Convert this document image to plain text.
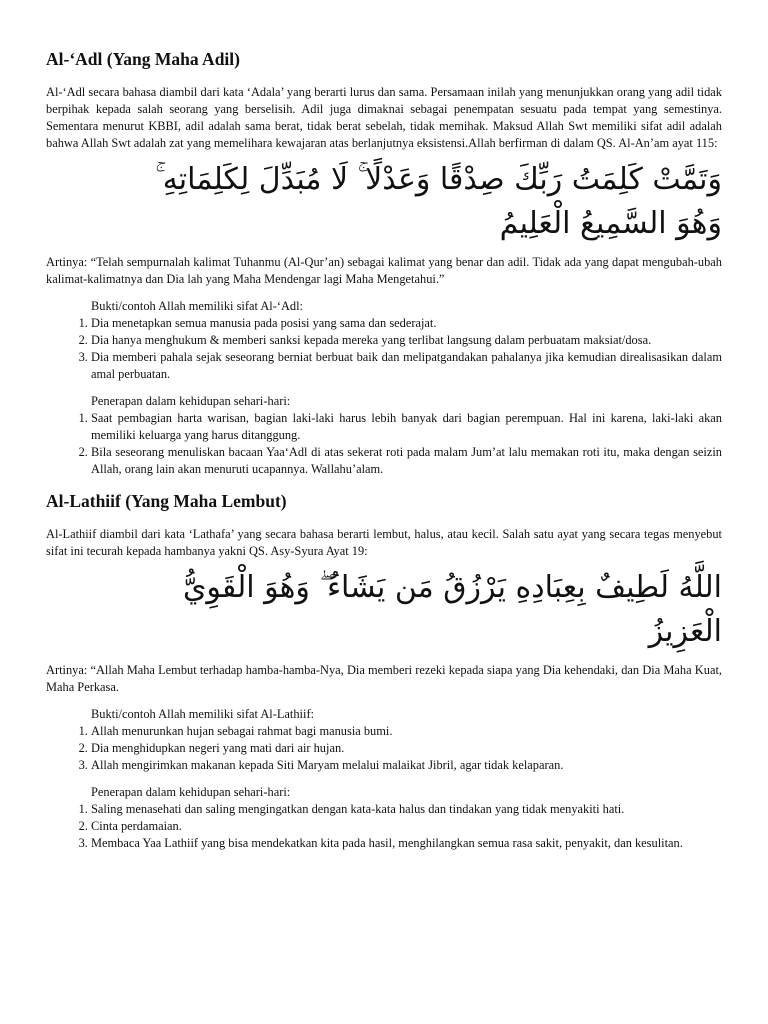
Al-‘Adl (Yang Maha Adil)

Al-‘Adl secara bahasa diambil dari kata ‘Adala’ yang berarti lurus dan sama. Persamaan inilah yang menunjukkan orang yang adil tidak berpihak kepada salah seorang yang berselisih. Adil juga dimaknai sebagai penempatan sesuatu pada tempat yang semestinya. Sementara menurut KBBI, adil adalah sama berat, tidak berat sebelah, tidak memihak. Maksud Allah Swt memiliki sifat adil adalah bahwa Allah Swt adalah zat yang memelihara kewajaran atas berlanjutnya eksistensi.Allah berfirman di dalam QS. Al-An’am ayat 115:

وَتَمَّتْ كَلِمَتُ رَبِّكَ صِدْقًا وَعَدْلًا ۚ لَا مُبَدِّلَ لِكَلِمَاتِهِ ۚ

وَهُوَ السَّمِيعُ الْعَلِيمُ

Artinya: “Telah sempurnalah kalimat Tuhanmu (Al-Qur’an) sebagai kalimat yang benar dan adil. Tidak ada yang dapat mengubah-ubah kalimat-kalimatnya dan Dia lah yang Maha Mendengar lagi Maha Mengetahui.”

Bukti/contoh Allah memiliki sifat Al-‘Adl:

1. Dia menetapkan semua manusia pada posisi yang sama dan sederajat.
2. Dia hanya menghukum & memberi sanksi kepada mereka yang terlibat langsung dalam perbuatam maksiat/dosa.
3. Dia memberi pahala sejak seseorang berniat berbuat baik dan melipatgandakan pahalanya jika kemudian direalisasikan dalam amal perbuatan.

Penerapan dalam kehidupan sehari-hari:

1. Saat pembagian harta warisan, bagian laki-laki harus lebih banyak dari bagian perempuan. Hal ini karena, laki-laki akan memiliki keluarga yang harus ditanggung.
2. Bila seseorang menuliskan bacaan Yaa‘Adl di atas sekerat roti pada malam Jum’at lalu memakan roti itu, maka dengan seizin Allah, orang lain akan menuruti ucapannya. Wallahu’alam.
Al-Lathiif (Yang Maha Lembut)

Al-Lathiif diambil dari kata ‘Lathafa’ yang secara bahasa berarti lembut, halus, atau kecil. Salah satu ayat yang secara tegas menyebut sifat ini tecurah kepada hambanya yakni QS. Asy-Syura Ayat 19:

اللَّهُ لَطِيفٌ بِعِبَادِهِ يَرْزُقُ مَن يَشَاءُ ۖ وَهُوَ الْقَوِيُّ

الْعَزِيزُ

Artinya: “Allah Maha Lembut terhadap hamba-hamba-Nya, Dia memberi rezeki kepada siapa yang Dia kehendaki, dan Dia Maha Kuat, Maha Perkasa.

Bukti/contoh Allah memiliki sifat Al-Lathiif:

1. Allah menurunkan hujan sebagai rahmat bagi manusia bumi.
2. Dia menghidupkan negeri yang mati dari air hujan.
3. Allah mengirimkan makanan kepada Siti Maryam melalui malaikat Jibril, agar tidak kelaparan.

Penerapan dalam kehidupan sehari-hari:

1. Saling menasehati dan saling mengingatkan dengan kata-kata halus dan tindakan yang tidak menyakiti hati.
2. Cinta perdamaian.
3. Membaca Yaa Lathiif yang bisa mendekatkan kita pada hasil, menghilangkan semua rasa sakit, penyakit, dan kesulitan.
